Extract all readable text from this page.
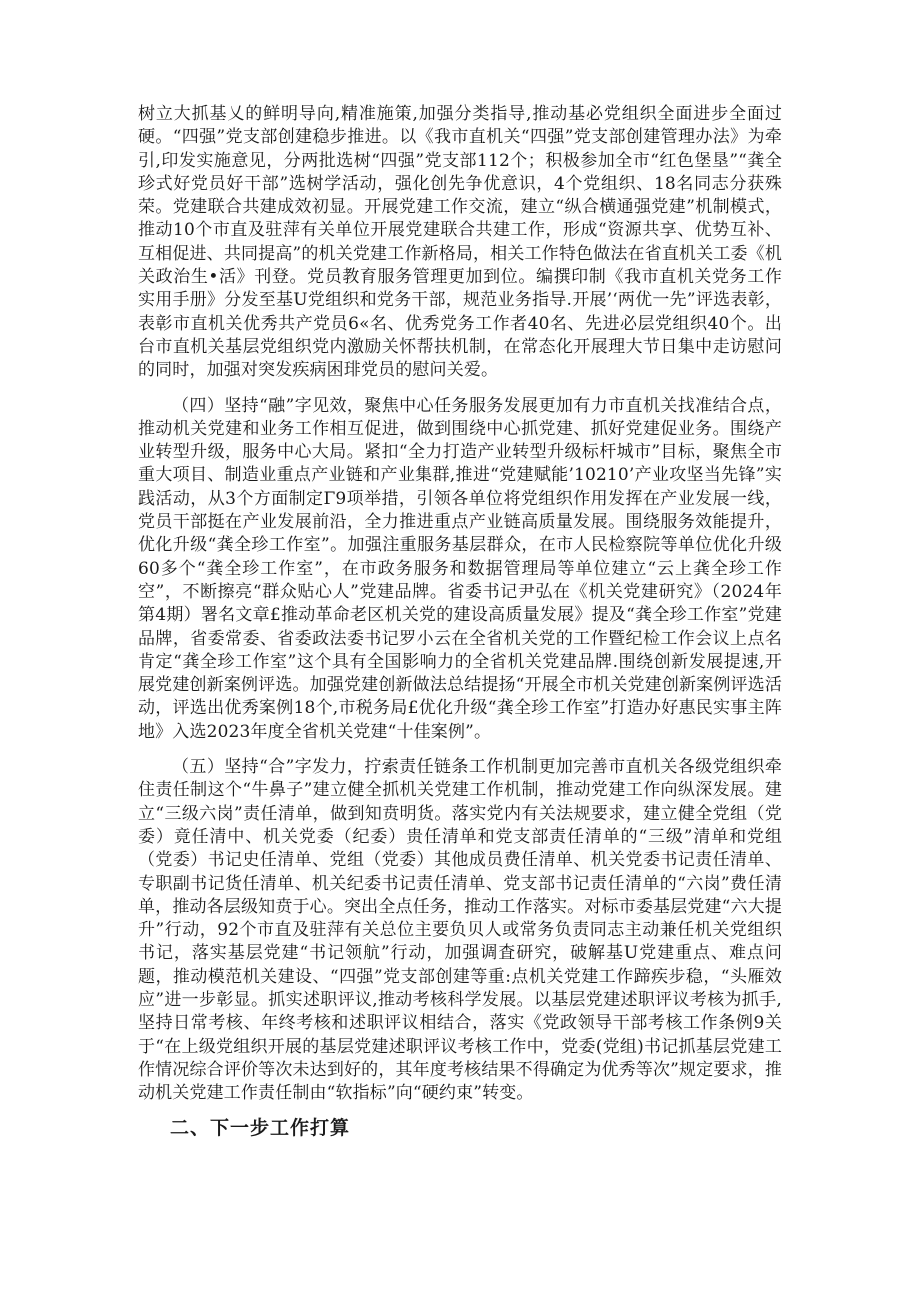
树立大抓基乂的鲜明导向,精准施策,加强分类指导,推动基必党组织全面进步全面过硬。“四强”党支部创建稳步推进。以《我市直机关“四强”党支部创建管理办法》为牵引,印发实施意见，分两批选树“四强”党支部112个；积极参加全市“红色堡垦”“龚全珍式好党员好干部”选树学活动，强化创先争优意识，4个党组织、18名同志分获殊荣。党建联合共建成效初显。开展党建工作交流，建立“纵合横通强党建”机制模式，推动10个市直及驻萍有关单位开展党建联合共建工作，形成“资源共享、优势互补、互相促进、共同提高”的机关党建工作新格局，相关工作特色做法在省直机关工委《机关政治生•活》刊登。党员教育服务管理更加到位。编撰印制《我市直机关党务工作实用手册》分发至基U党组织和党务干部，规范业务指导.开展’‘两优一先”评选表彰，表彰市直机关优秀共产党员6«名、优秀党务工作者40名、先进必层党组织40个。出台市直机关基层党组织党内激励关怀帮扶机制，在常态化开展理大节日集中走访慰问的同时，加强对突发疾病困琲党员的慰问关爱。

（四）坚持“融”字见效，聚焦中心任务服务发展更加有力市直机关找准结合点，推动机关党建和业务工作相互促进，做到围绕中心抓党建、抓好党建促业务。围绕产业转型升级，服务中心大局。紧扣“全力打造产业转型升级标杆城市”目标，聚焦全市重大项目、制造业重点产业链和产业集群,推进“党建赋能’10210’产业攻坚当先锋”实践活动，从3个方面制定Γ9项举措，引领各单位将党组织作用发挥在产业发展一线，党员干部挺在产业发展前沿，全力推进重点产业链高质量发展。围绕服务效能提升，优化升级“龚全珍工作室”。加强注重服务基层群众，在市人民检察院等单位优化升级60多个“龚全珍工作室”，在市政务服务和数据管理局等单位建立“云上龚全珍工作空”，不断擦亮“群众贴心人”党建品牌。省委书记尹弘在《机关党建研究》（2024年第4期）署名文章£推动革命老区机关党的建设高质量发展》提及“龚全珍工作室”党建品牌，省委常委、省委政法委书记罗小云在全省机关党的工作暨纪检工作会议上点名肯定“龚全珍工作室”这个具有全国影响力的全省机关党建品牌.围绕创新发展提速,开展党建创新案例评选。加强党建创新做法总结提扬“开展全市机关党建创新案例评选活动，评选出优秀案例18个,市税务局£优化升级“龚全珍工作室”打造办好惠民实事主阵地》入选2023年度全省机关党建“十佳案例”。

（五）坚持“合”字发力，拧索责任链条工作机制更加完善市直机关各级党组织牵住责任制这个“牛鼻子”建立健全抓机关党建工作机制，推动党建工作向纵深发展。建立“三级六岗”责任清单，做到知贲明货。落实党内有关法规要求，建立健全党组（党委）竟任清中、机关党委（纪委）贵任清单和党支部责任清单的“三级”清单和党组（党委）书记史任清单、党组（党委）其他成员费任清单、机关党委书记责任清单、专职副书记货任清单、机关纪委书记责任清单、党支部书记责任清单的“六岗”费任清单，推动各层级知贲于心。突出全点任务，推动工作落实。对标市委基层党建“六大提升”行动，92个市直及驻萍有关总位主要负贝人或常务负责同志主动兼任机关党组织书记，落实基层党建“书记领航”行动，加强调査研究，破解基U党建重点、难点问题，推动模范机关建设、“四强”党支部创建等重:点机关党建工作蹄疾步稳，“头雁效应”进一步彰显。抓实述职评议,推动考核科学发展。以基层党建述职评议考核为抓手,坚持日常考核、年终考核和述职评议相结合，落实《党政领导干部考核工作条例9关于“在上级党组织开展的基层党建述职评议考核工作中，党委(党组)书记抓基层党建工作情况综合评价等次未达到好的，其年度考核结果不得确定为优秀等次”规定要求，推动机关党建工作责任制由“软指标”向“硬约束”转变。

二、下一步工作打算
